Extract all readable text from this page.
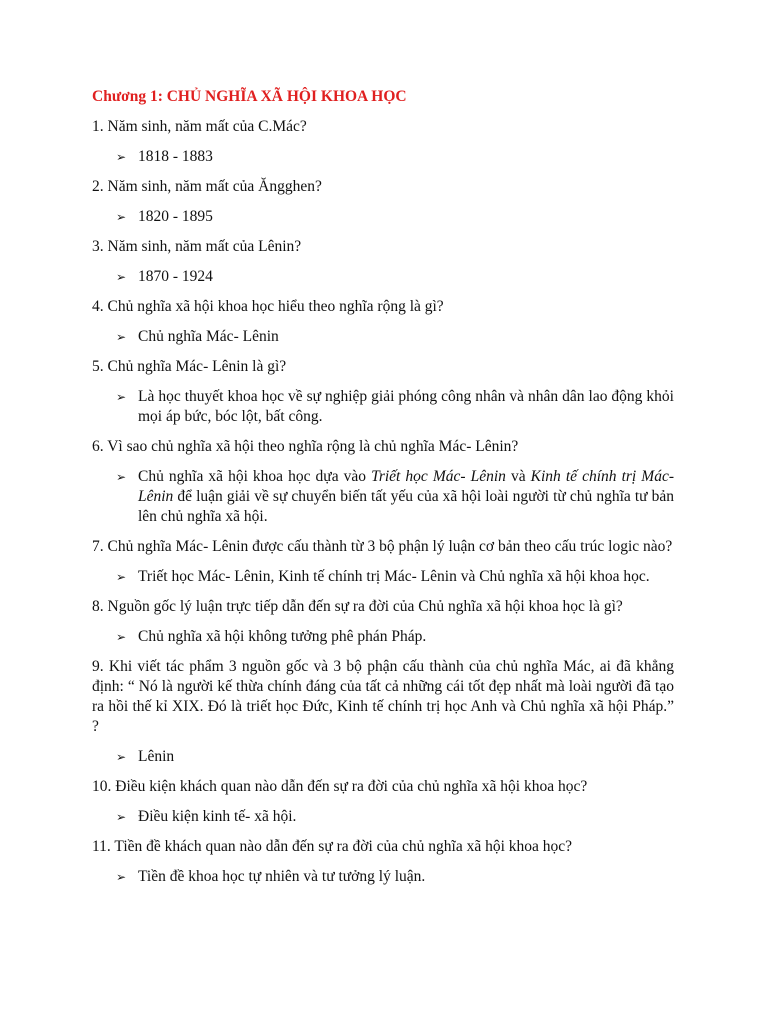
Chương 1: CHỦ NGHĨA XÃ HỘI KHOA HỌC

1. Năm sinh, năm mất của C.Mác?

➢ 1818 - 1883

2. Năm sinh, năm mất của Ăngghen?

➢ 1820 - 1895

3. Năm sinh, năm mất của Lênin?

➢ 1870 - 1924

4. Chủ nghĩa xã hội khoa học hiểu theo nghĩa rộng là gì?

➢ Chủ nghĩa Mác- Lênin

5. Chủ nghĩa Mác- Lênin là gì?

➢ Là học thuyết khoa học về sự nghiệp giải phóng công nhân và nhân dân lao động khỏi mọi áp bức, bóc lột, bất công.

6. Vì sao chủ nghĩa xã hội theo nghĩa rộng là chủ nghĩa Mác- Lênin?

➢ Chủ nghĩa xã hội khoa học dựa vào Triết học Mác- Lênin và Kinh tế chính trị Mác- Lênin để luận giải về sự chuyển biến tất yếu của xã hội loài người từ chủ nghĩa tư bản lên chủ nghĩa xã hội.

7. Chủ nghĩa Mác- Lênin được cấu thành từ 3 bộ phận lý luận cơ bản theo cấu trúc logic nào?

➢ Triết học Mác- Lênin, Kinh tế chính trị Mác- Lênin và Chủ nghĩa xã hội khoa học.

8. Nguồn gốc lý luận trực tiếp dẫn đến sự ra đời của Chủ nghĩa xã hội khoa học là gì?

➢ Chủ nghĩa xã hội không tưởng phê phán Pháp.

9. Khi viết tác phẩm 3 nguồn gốc và 3 bộ phận cấu thành của chủ nghĩa Mác, ai đã khẳng định: “ Nó là người kế thừa chính đáng của tất cả những cái tốt đẹp nhất mà loài người đã tạo ra hồi thế kỉ XIX. Đó là triết học Đức, Kinh tế chính trị học Anh và Chủ nghĩa xã hội Pháp.” ?

➢ Lênin

10. Điều kiện khách quan nào dẫn đến sự ra đời của chủ nghĩa xã hội khoa học?

➢ Điều kiện kinh tế- xã hội.

11. Tiền đề khách quan nào dẫn đến sự ra đời của chủ nghĩa xã hội khoa học?

➢ Tiền đề khoa học tự nhiên và tư tưởng lý luận.
